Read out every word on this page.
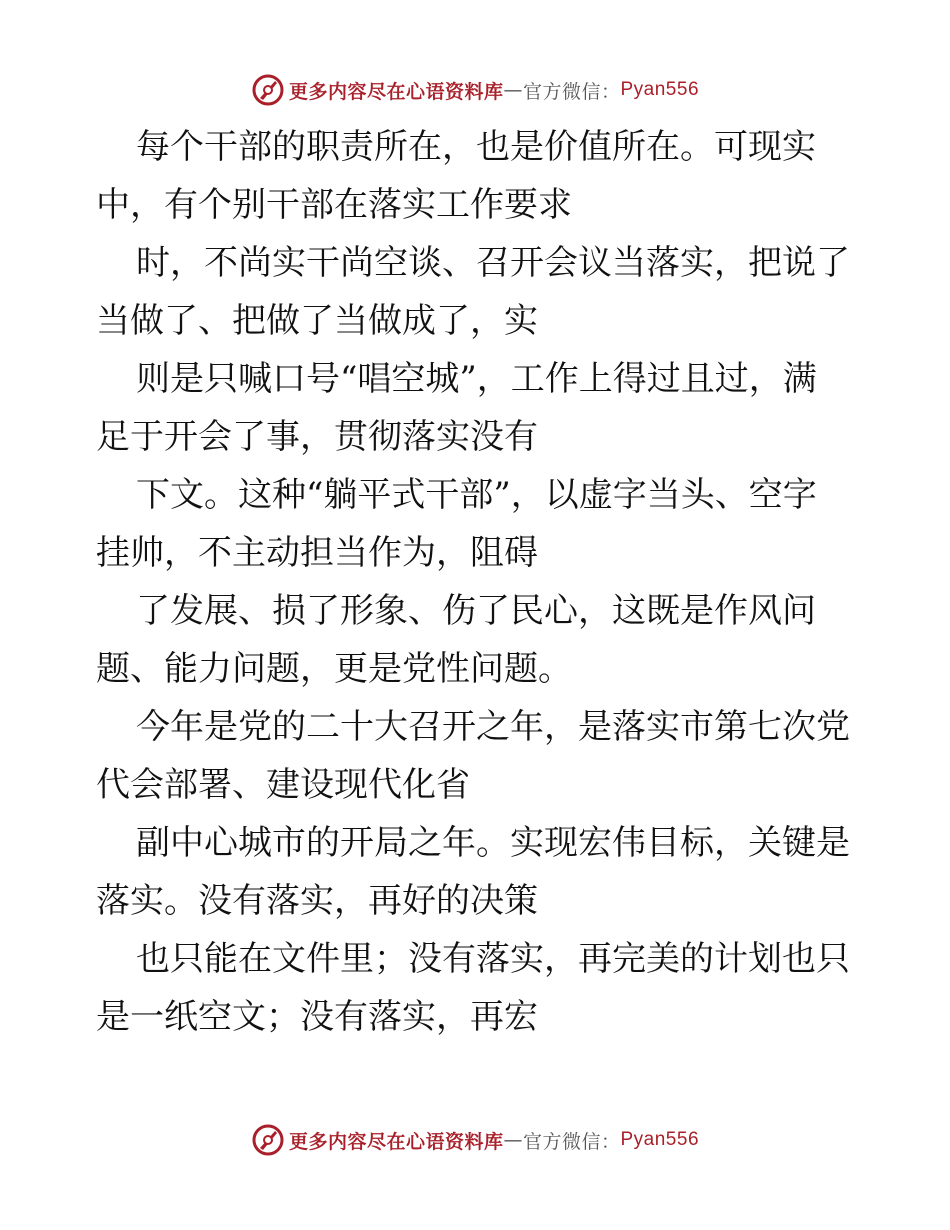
更多内容尽在心语资料库 — 官方微信： Pyan556

每个干部的职责所在，也是价值所在。可现实

中，有个别干部在落实工作要求

时，不尚实干尚空谈、召开会议当落实，把说了

当做了、把做了当做成了，实

则是只喊口号“唱空城”，工作上得过且过，满

足于开会了事，贯彻落实没有

下文。这种“躺平式干部”，以虚字当头、空字

挂帅，不主动担当作为，阻碍

了发展、损了形象、伤了民心，这既是作风问

题、能力问题，更是党性问题。

今年是党的二十大召开之年，是落实市第七次党

代会部署、建设现代化省

副中心城市的开局之年。实现宏伟目标，关键是

落实。没有落实，再好的决策

也只能在文件里；没有落实，再完美的计划也只

是一纸空文；没有落实，再宏

更多内容尽在心语资料库 — 官方微信： Pyan556
